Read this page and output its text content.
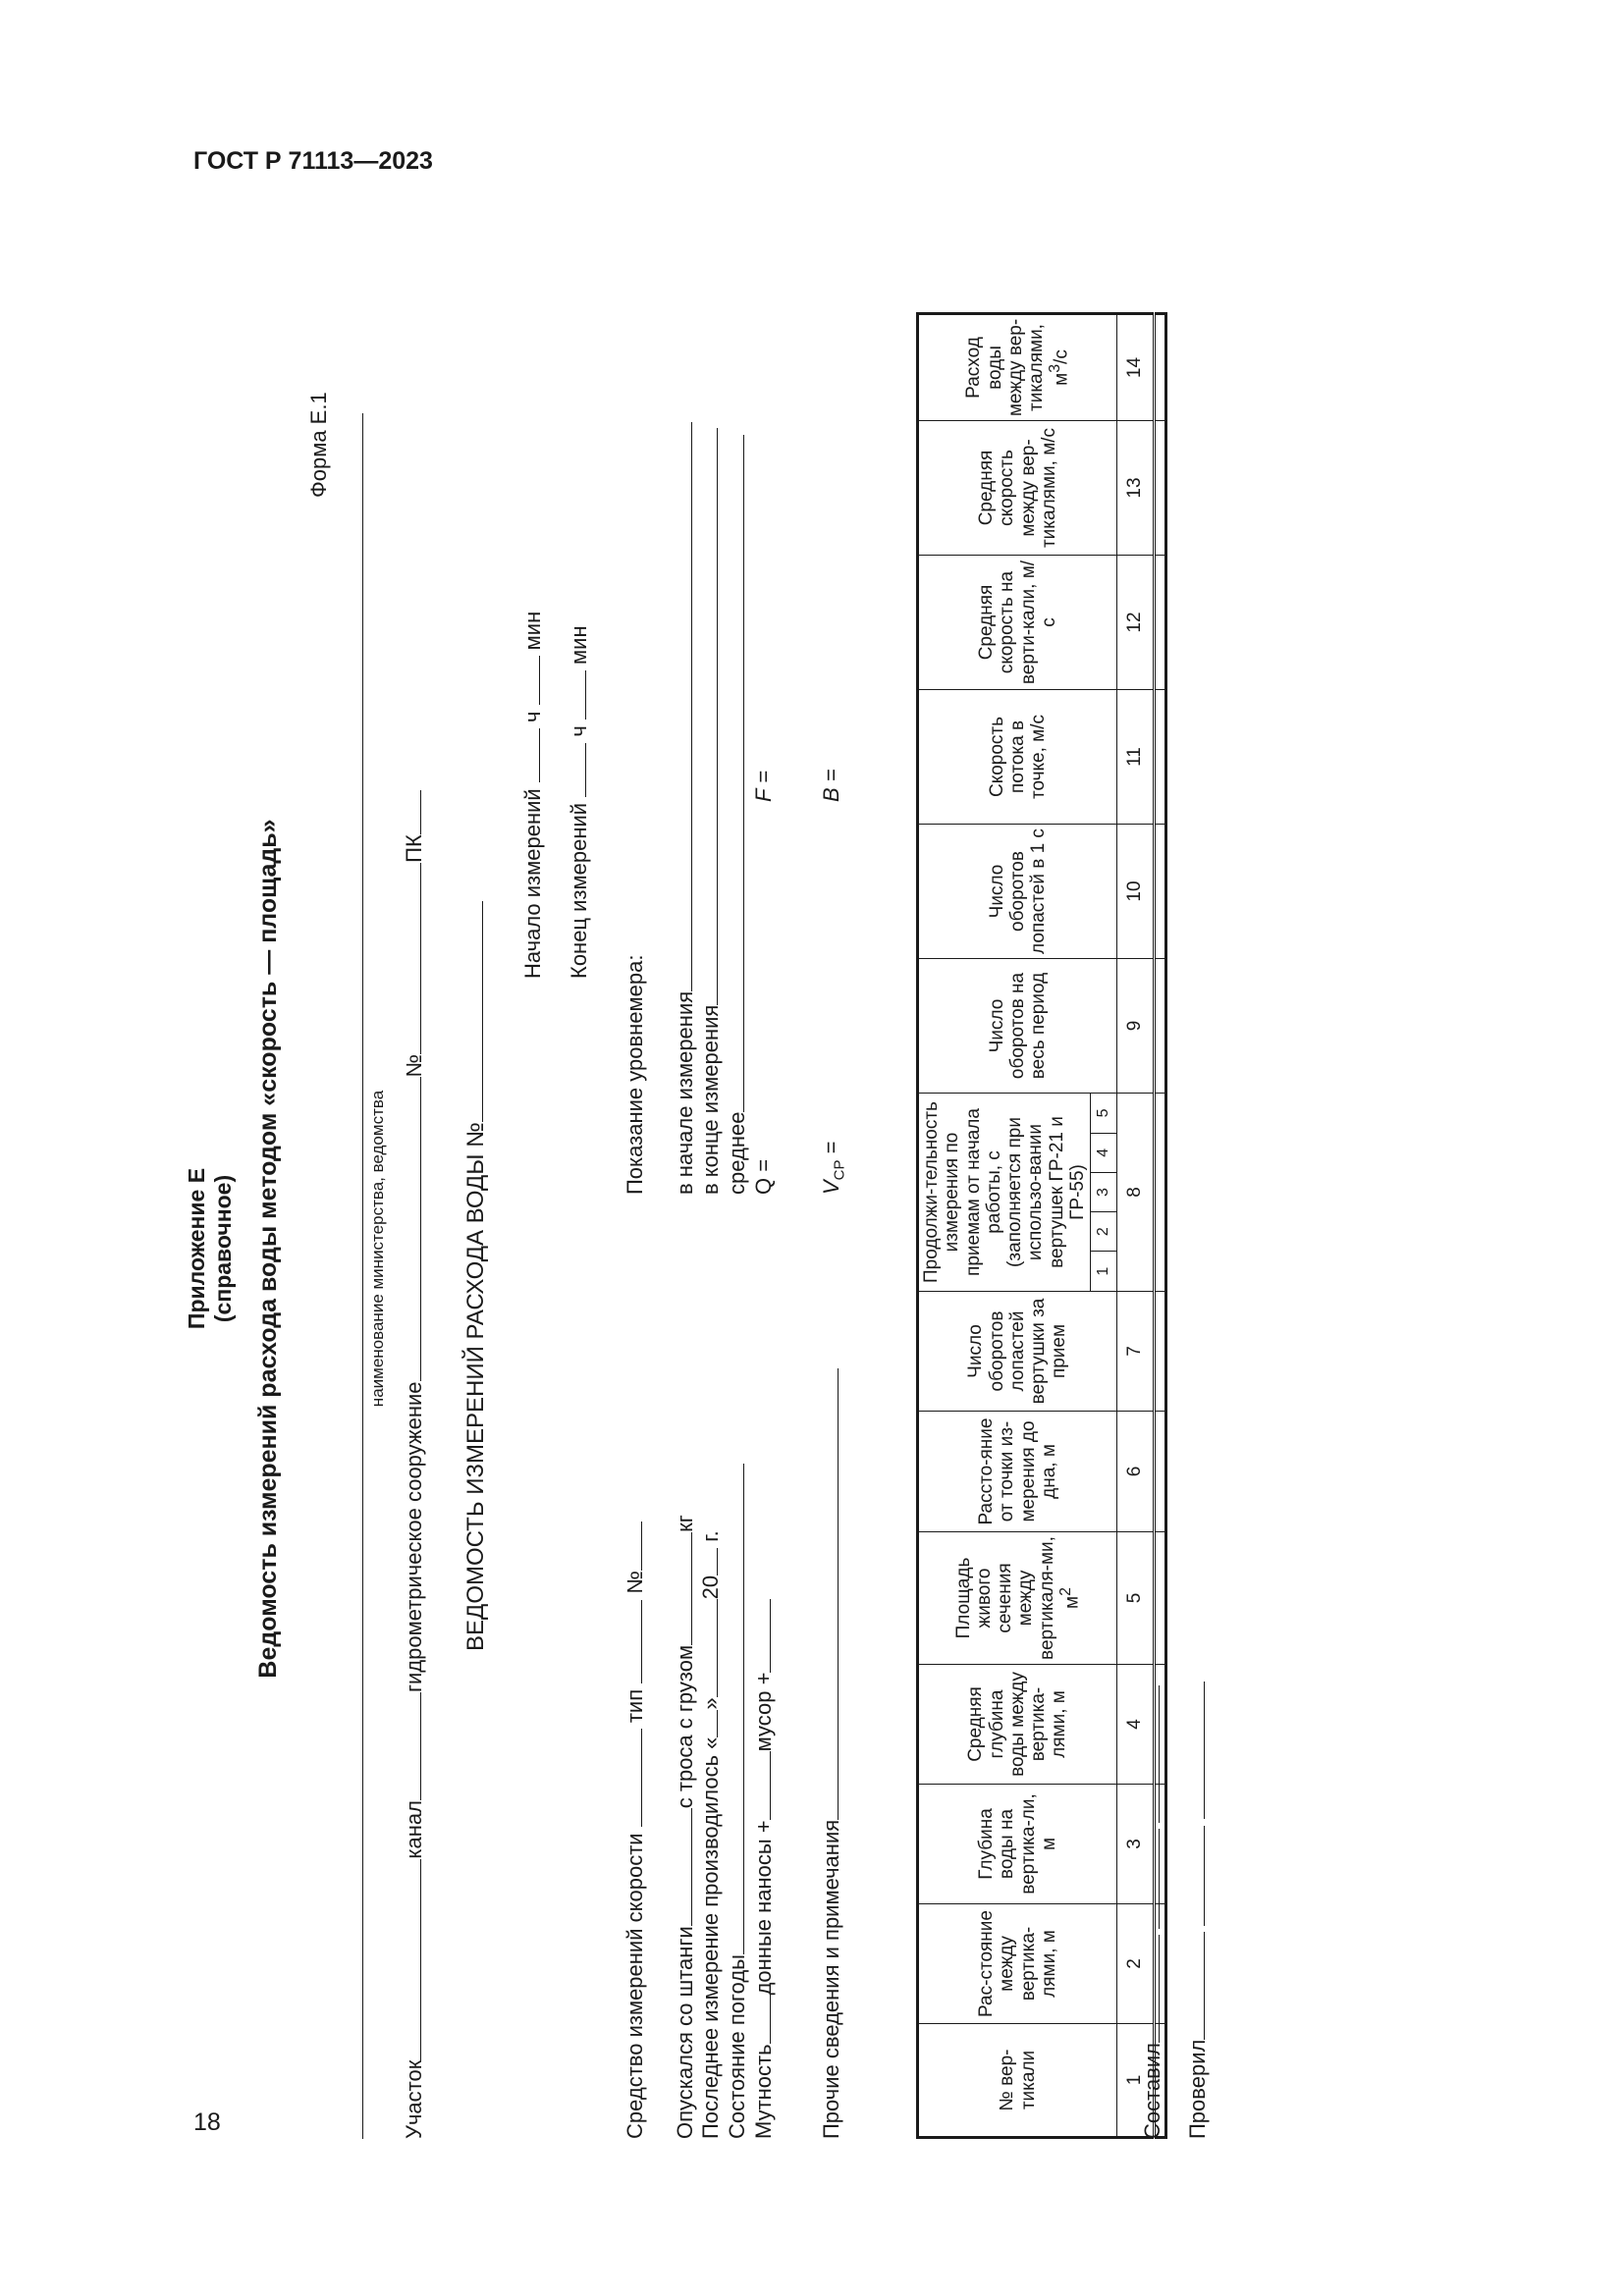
ГОСТ Р 71113—2023
18
Приложение Е (справочное) Ведомость измерений расхода воды методом «скорость — площадь»
Форма Е.1
наименование министерства, ведомства
Участокканалгидрометрическое сооружение№ПК
ВЕДОМОСТЬ ИЗМЕРЕНИЙ РАСХОДА ВОДЫ №
Начало измерений  ч  мин
Конец измерений  ч  мин
Средство измерений скорости  тип  №
Опускался со штангис троса с грузомкг
Последнее измерение производилось «»20 г.
Состояние погоды Мутностьдонные наносы +мусор +
Прочие сведения и примечания
Показание уровнемера: в начале измерения в конце измерения среднее Q =
F =
$V_{СР}$ =
B =
№ вер-тикали	Рас-стояние между вертика-лями, м	Глубина воды на вертика-ли, м	Средняя глубина воды между вертика-лями, м	Площадь живого сечения между вертикаля-ми, $м^2$	Рассто-яние от точки из-мерения до дна, м	Число оборотов лопастей вертушки за прием	Продолжи-тельность измерения по приемам от начала работы, с (заполняется при использо-вании вертушек ГР-21 и ГР-55)	Число оборотов на весь период	Число оборотов лопастей в 1 с	Скорость потока в точке, м/с	Средняя скорость на верти-кали, м/с	Средняя скорость между вер-тикалями, м/с	Расход воды между вер-тикалями, $м^3/с$

1	2	3	4	5

1	2	3	4	5	6	7	8	9	10	11	12	13	14

Составил Проверил
